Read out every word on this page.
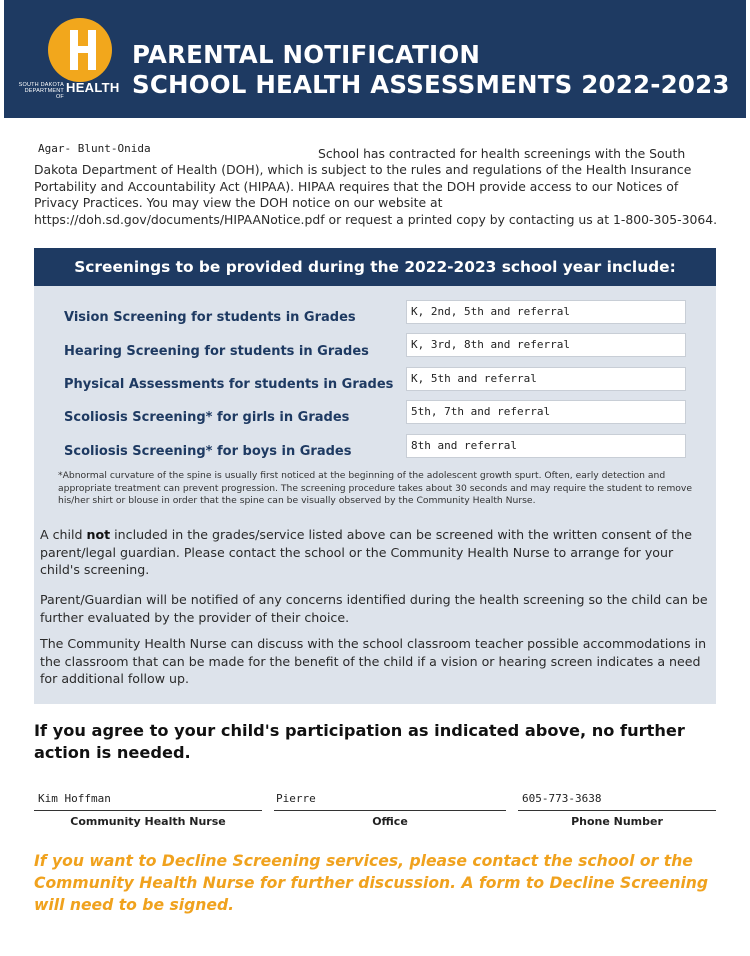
SOUTH DAKOTA DEPARTMENT OF
HEALTH
PARENTAL NOTIFICATION
SCHOOL HEALTH ASSESSMENTS 2022-2023
Agar- Blunt-Onida	School has contracted for health screenings with the South
Dakota Department of Health (DOH), which is subject to the rules and regulations of the Health Insurance Portability and Accountability Act (HIPAA). HIPAA requires that the DOH provide access to our Notices of Privacy Practices. You may view the DOH notice on our website at https://doh.sd.gov/documents/HIPAANotice.pdf or request a printed copy by contacting us at 1-800-305-3064.
Screenings to be provided during the 2022-2023 school year include:
Vision Screening for students in Grades	K, 2nd, 5th and referral
Hearing Screening for students in Grades	K, 3rd, 8th and referral
Physical Assessments for students in Grades	K, 5th and referral
Scoliosis Screening* for girls in Grades	5th, 7th and referral
Scoliosis Screening* for boys in Grades	8th and referral
*Abnormal curvature of the spine is usually first noticed at the beginning of the adolescent growth spurt. Often, early detection and appropriate treatment can prevent progression. The screening procedure takes about 30 seconds and may require the student to remove his/her shirt or blouse in order that the spine can be visually observed by the Community Health Nurse.
A child not included in the grades/service listed above can be screened with the written consent of the parent/legal guardian. Please contact the school or the Community Health Nurse to arrange for your child's screening.
Parent/Guardian will be notified of any concerns identified during the health screening so the child can be further evaluated by the provider of their choice.
The Community Health Nurse can discuss with the school classroom teacher possible accommodations in the classroom that can be made for the benefit of the child if a vision or hearing screen indicates a need for additional follow up.
If you agree to your child's participation as indicated above, no further action is needed.
Kim Hoffman
Community Health Nurse
Pierre
Office
605-773-3638
Phone Number
If you want to Decline Screening services, please contact the school or the Community Health Nurse for further discussion. A form to Decline Screening will need to be signed.
